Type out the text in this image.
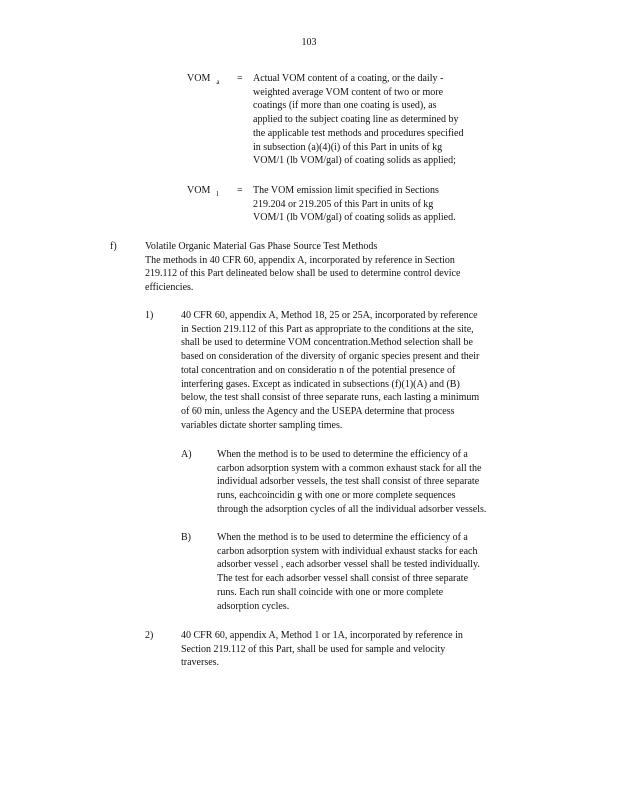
103
VOM $_a$ = Actual VOM content of a coating, or the daily -
weighted average VOM content of two or more
coatings (if more than one coating is used), as
applied to the subject coating line as determined by
the applicable test methods and procedures specified
in subsection (a)(4)(i) of this Part in units of kg
VOM/1 (lb VOM/gal) of coating solids as applied;
VOM $_l$ = The VOM emission limit specified in Sections
219.204 or 219.205 of this Part in units of kg
VOM/1 (lb VOM/gal) of coating solids as applied.
f)	Volatile Organic Material Gas Phase Source Test Methods
The methods in 40 CFR 60, appendix A, incorporated by reference in Section
219.112 of this Part delineated below shall be used to determine control device
efficiencies.
1)	40 CFR 60, appendix A, Method 18, 25 or 25A, incorporated by reference
in Section 219.112 of this Part as appropriate to the conditions at the site,
shall be used to determine VOM concentration.Method selection shall be
based on consideration of the diversity of organic species present and their
total concentration and on consideratio n of the potential presence of
interfering gases. Except as indicated in subsections (f)(1)(A) and (B)
below, the test shall consist of three separate runs, each lasting a minimum
of 60 min, unless the Agency and the USEPA determine that process
variables dictate shorter sampling times.
A)	When the method is to be used to determine the efficiency of a
carbon adsorption system with a common exhaust stack for all the
individual adsorber vessels, the test shall consist of three separate
runs, eachcoincidin g with one or more complete sequences
through the adsorption cycles of all the individual adsorber vessels.
B)	When the method is to be used to determine the efficiency of a
carbon adsorption system with individual exhaust stacks for each
adsorber vessel , each adsorber vessel shall be tested individually.
The test for each adsorber vessel shall consist of three separate
runs. Each run shall coincide with one or more complete
adsorption cycles.
2)	40 CFR 60, appendix A, Method 1 or 1A, incorporated by reference in
Section 219.112 of this Part, shall be used for sample and velocity
traverses.
